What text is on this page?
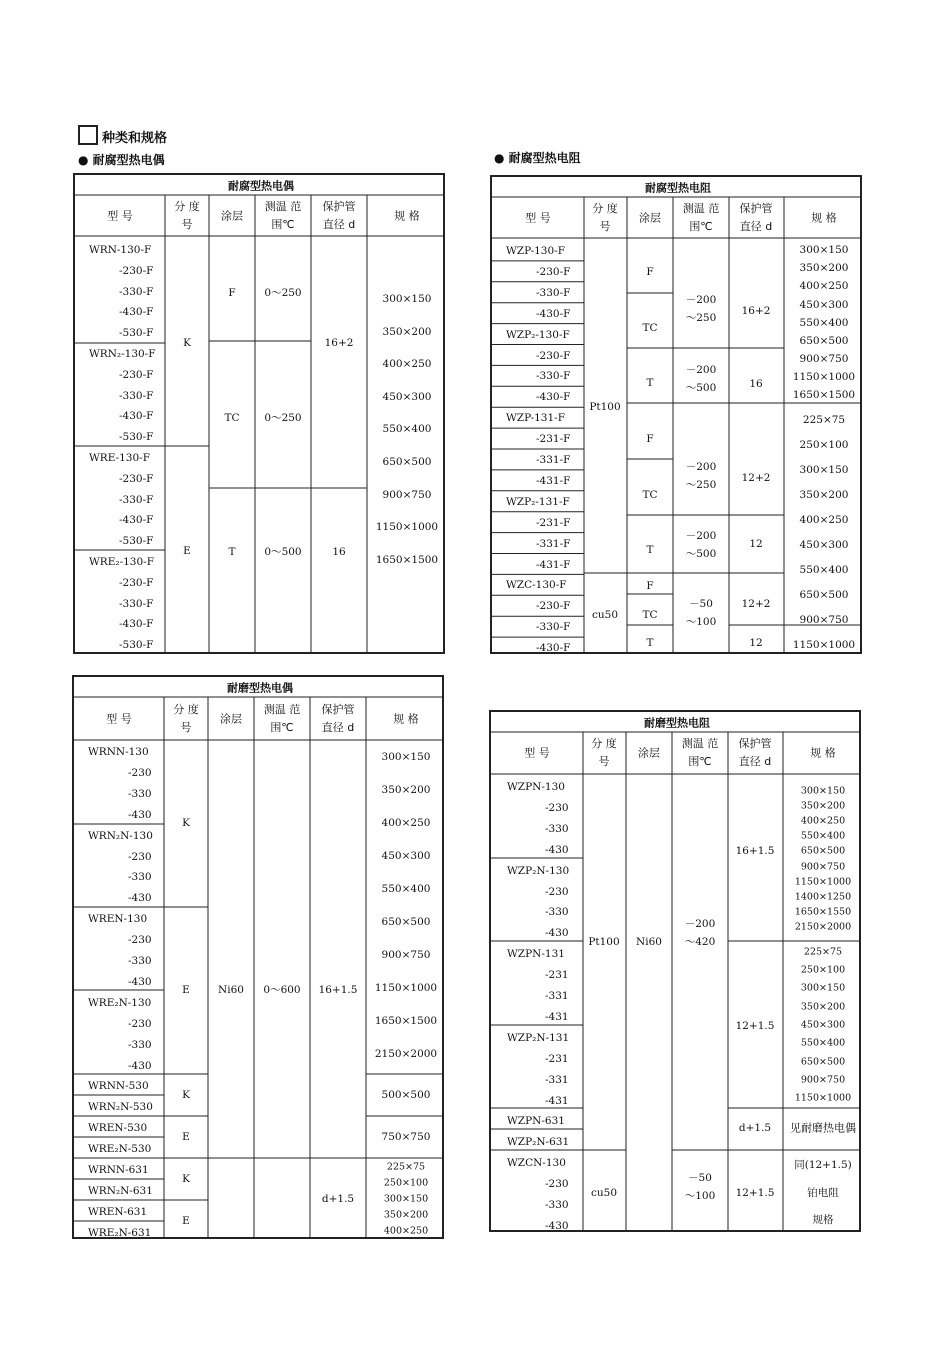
种类和规格
● 耐腐型热电偶	● 耐腐型热电阻
耐腐型热电偶
型 号
分 度 号
涂层
测温 范围℃
保护管 直径 d
规 格
WRN-130-F
-230-F
-330-F
-430-F
-530-F
WRN₂-130-F
-230-F
-330-F
-430-F
-530-F
WRE-130-F
-230-F
-330-F
-430-F
-530-F
WRE₂-130-F
-230-F
-330-F
-430-F
-530-F
K
E
F
TC
T
0～250
0～250
0～500
16+2
16
300×150
350×200
400×250
450×300
550×400
650×500
900×750
1150×1000
1650×1500
耐腐型热电阻
型 号
分 度 号
涂层
测温 范围℃
保护管 直径 d
规 格
WZP-130-F
-230-F
-330-F
-430-F
WZP₂-130-F
-230-F
-330-F
-430-F
WZP-131-F
-231-F
-331-F
-431-F
WZP₂-131-F
-231-F
-331-F
-431-F
WZC-130-F
-230-F
-330-F
-430-F
Pt100
cu50
F
TC
T
F
TC
T
F
TC
T
－200
～250
－200
～500
－200
～250
－200
～500
－50
～100
16+2
16
12+2
12
12+2
12
300×150
350×200
400×250
450×300
550×400
650×500
900×750
1150×1000
1650×1500
225×75
250×100
300×150
350×200
400×250
450×300
550×400
650×500
900×750
1150×1000
耐磨型热电偶
型 号
分 度 号
涂层
测温 范围℃
保护管 直径 d
规 格
WRNN-130
-230
-330
-430
WRN₂N-130
-230
-330
-430
WREN-130
-230
-330
-430
WRE₂N-130
-230
-330
-430
WRNN-530
WRN₂N-530
WREN-530
WRE₂N-530
WRNN-631
WRN₂N-631
WREN-631
WRE₂N-631
K
E
K
E
K
E
Ni60 0～600 16+1.5
d+1.5
300×150
350×200
400×250
450×300
550×400
650×500
900×750
1150×1000
1650×1500
2150×2000
500×500
750×750
225×75
250×100
300×150
350×200
400×250
耐磨型热电阻
型 号
分 度 号
涂层
测温 范围℃
保护管 直径 d
规 格
WZPN-130
-230
-330
-430
WZP₂N-130
-230
-330
-430
WZPN-131
-231
-331
-431
WZP₂N-131
-231
-331
-431
WZPN-631
WZP₂N-631
WZCN-130
-230
-330
-430
Pt100
cu50
Ni60
－200
～420
－50
～100
16+1.5
12+1.5
d+1.5
12+1.5
300×150
350×200
400×250
550×400
650×500
900×750
1150×1000
1400×1250
1650×1550
2150×2000
225×75
250×100
300×150
350×200
450×300
550×400
650×500
900×750
1150×1000
见耐磨热电偶
同(12+1.5)
铂电阻
规格
